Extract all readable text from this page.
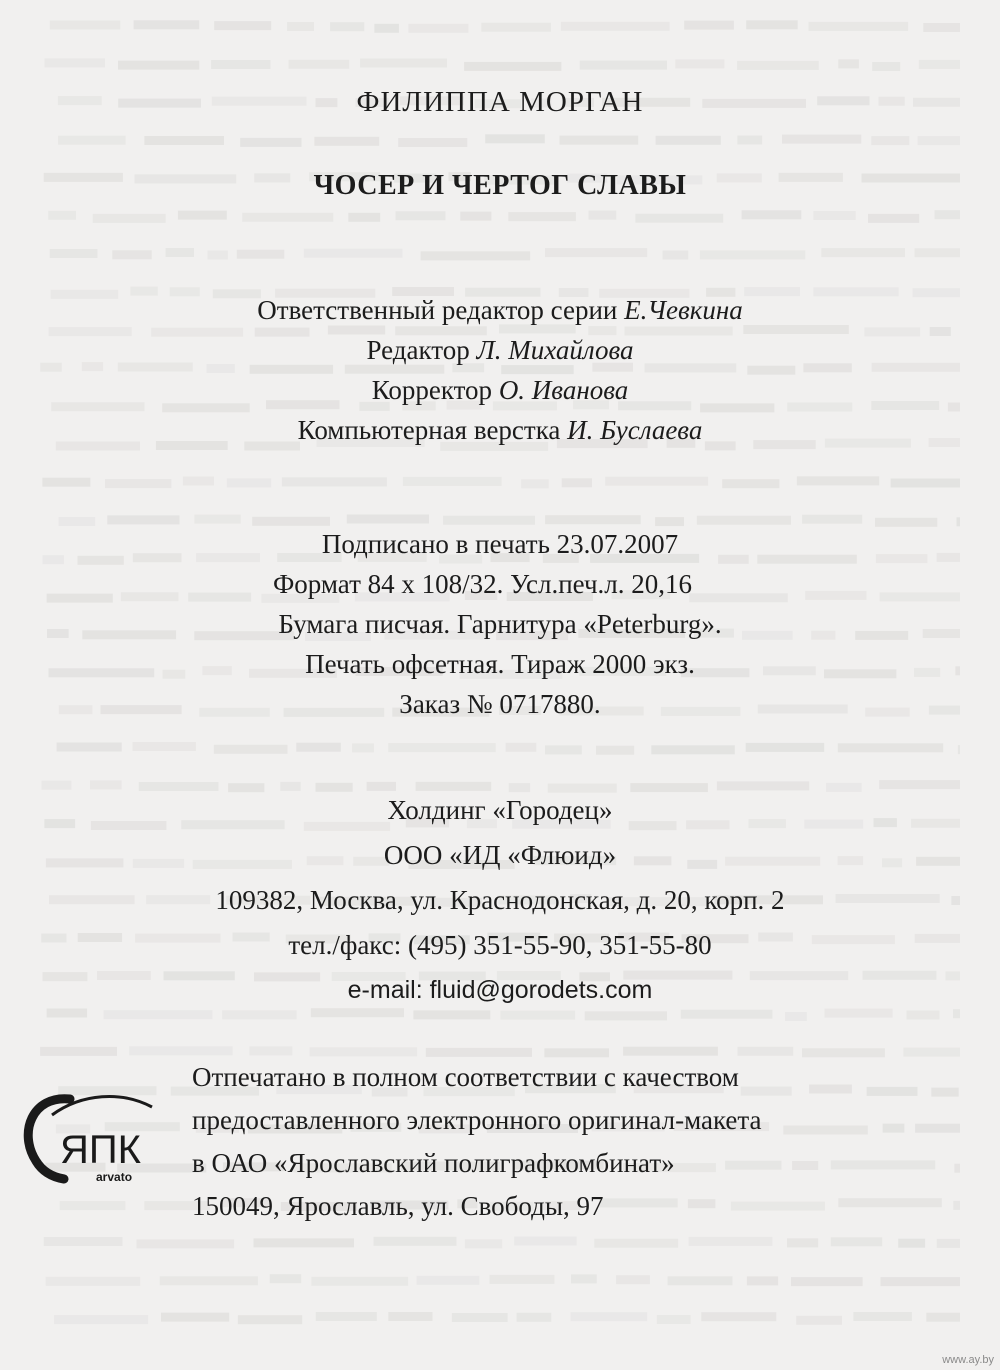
ФИЛИППА МОРГАН
ЧОСЕР И ЧЕРТОГ СЛАВЫ
Ответственный редактор серии Е.Чевкина
Редактор Л. Михайлова
Корректор О. Иванова
Компьютерная верстка И. Буслаева
Подписано в печать 23.07.2007
Формат 84 x 108/32. Усл.печ.л. 20,16
Бумага писчая. Гарнитура «Peterburg».
Печать офсетная. Тираж 2000 экз.
Заказ № 0717880.
Холдинг «Городец»
ООО «ИД «Флюид»
109382, Москва, ул. Краснодонская, д. 20, корп. 2
тел./факс: (495) 351-55-90, 351-55-80
e-mail: fluid@gorodets.com
ЯПК
arvato
Отпечатано в полном соответствии с качеством
предоставленного электронного оригинал-макета
в ОАО «Ярославский полиграфкомбинат»
150049, Ярославль, ул. Свободы, 97
www.ay.by
